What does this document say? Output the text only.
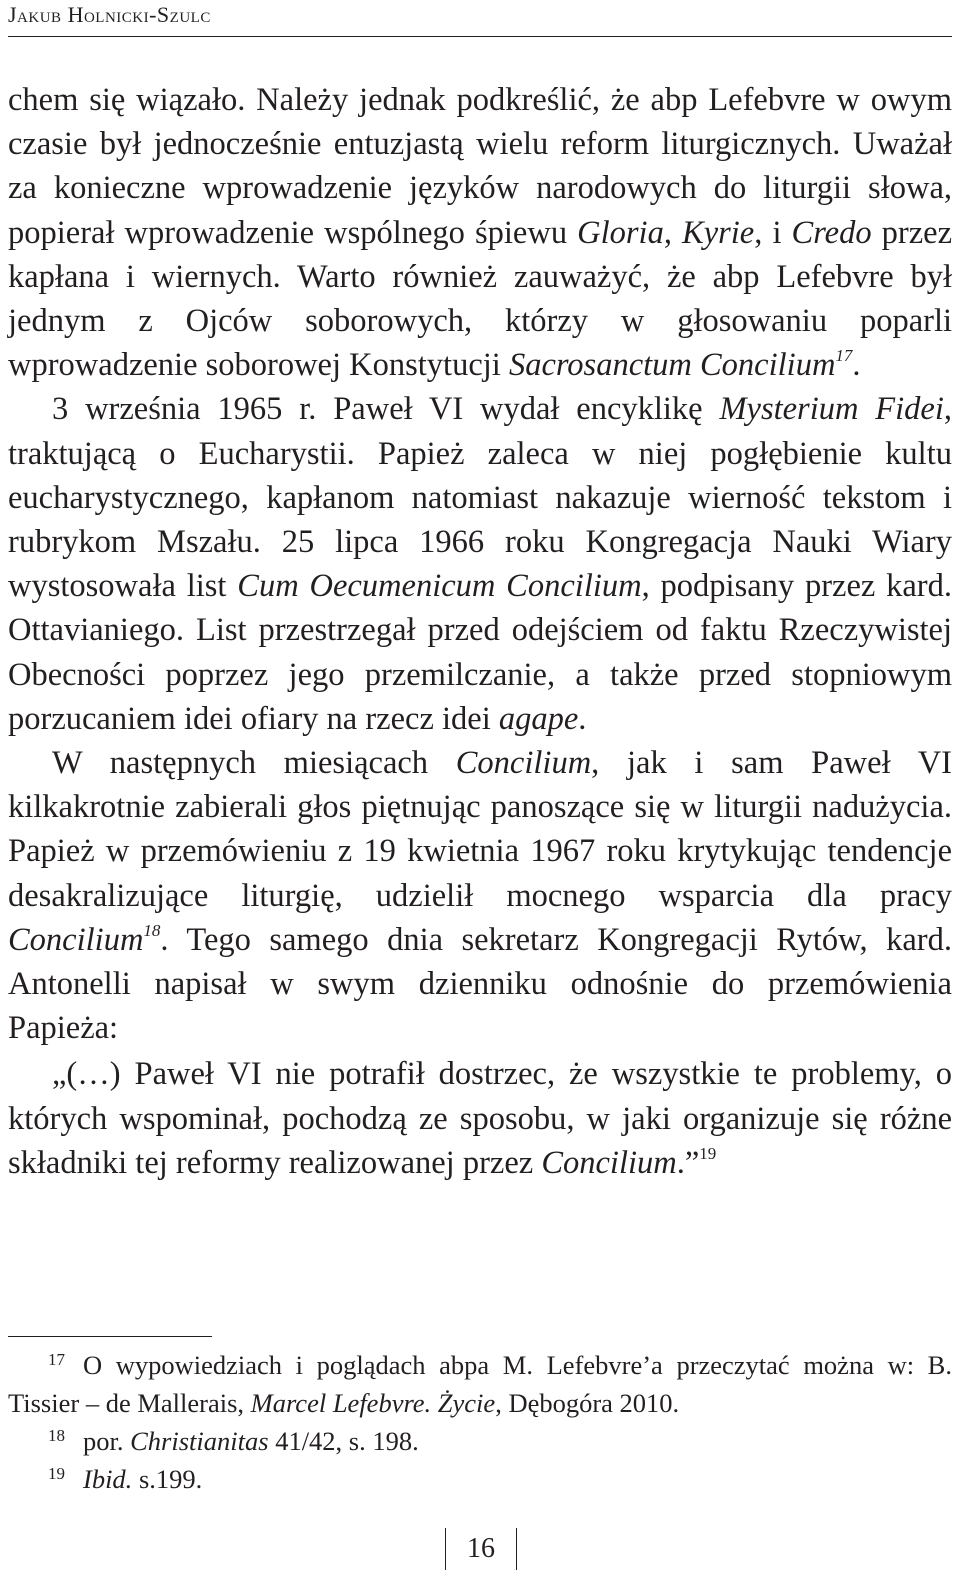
Jakub Holnicki-Szulc

chem się wiązało. Należy jednak podkreślić, że abp Lefebvre w owym czasie był jednocześnie entuzjastą wielu reform liturgicznych. Uważał za konieczne wprowadzenie języków narodowych do liturgii słowa, popierał wprowadzenie wspólnego śpiewu Gloria, Kyrie, i Credo przez kapłana i wiernych. Warto również zauważyć, że abp Lefebvre był jednym z Ojców soborowych, którzy w głosowaniu poparli wprowadzenie soborowej Konstytucji Sacrosanctum Concilium$^{17}$.

3 września 1965 r. Paweł VI wydał encyklikę Mysterium Fidei, traktującą o Eucharystii. Papież zaleca w niej pogłębienie kultu eucharystycznego, kapłanom natomiast nakazuje wierność tekstom i rubrykom Mszału. 25 lipca 1966 roku Kongregacja Nauki Wiary wystosowała list Cum Oecumenicum Concilium, podpisany przez kard. Ottavianiego. List przestrzegał przed odejściem od faktu Rzeczywistej Obecności poprzez jego przemilczanie, a także przed stopniowym porzucaniem idei ofiary na rzecz idei agape.

W następnych miesiącach Concilium, jak i sam Paweł VI kilkakrotnie zabierali głos piętnując panoszące się w liturgii nadużycia. Papież w przemówieniu z 19 kwietnia 1967 roku krytykując tendencje desakralizujące liturgię, udzielił mocnego wsparcia dla pracy Concilium$^{18}$. Tego samego dnia sekretarz Kongregacji Rytów, kard. Antonelli napisał w swym dzienniku odnośnie do przemówienia Papieża:

„(…) Paweł VI nie potrafił dostrzec, że wszystkie te problemy, o których wspominał, pochodzą ze sposobu, w jaki organizuje się różne składniki tej reformy realizowanej przez Concilium.”$^{19}$

$^{17}$ O wypowiedziach i poglądach abpa M. Lefebvre’a przeczytać można w: B. Tissier – de Mallerais, Marcel Lefebvre. Życie, Dębogóra 2010.

$^{18}$ por. Christianitas 41/42, s. 198.

$^{19}$ Ibid. s.199.

16
